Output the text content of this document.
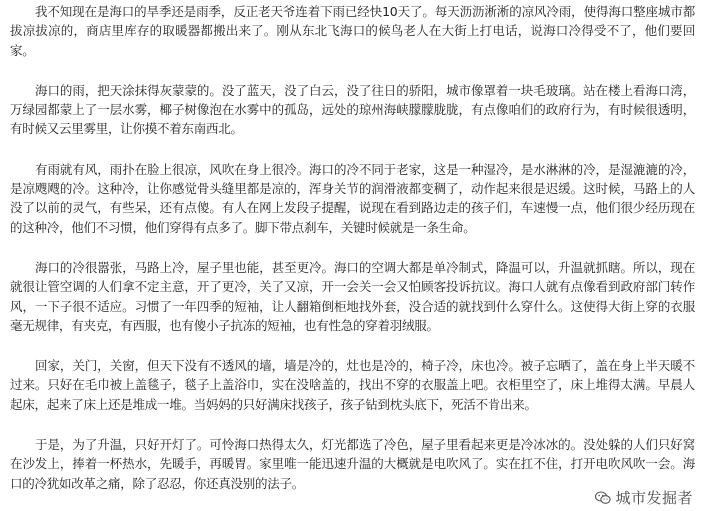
我不知现在是海口的旱季还是雨季，反正老天爷连着下雨已经快10天了。每天沥沥淅淅的凉风冷雨，使得海口整座城市都拔凉拔凉的，商店里库存的取暖器都搬出来了。刚从东北飞海口的候鸟老人在大街上打电话，说海口冷得受不了，他们要回家。

海口的雨，把天涂抹得灰蒙蒙的。没了蓝天，没了白云，没了往日的骄阳，城市像罩着一块毛玻璃。站在楼上看海口湾，万绿园都蒙上了一层水雾，椰子树像泡在水雾中的孤岛，远处的琼州海峡朦朦胧胧，有点像咱们的政府行为，有时候很透明，有时候又云里雾里，让你摸不着东南西北。

有雨就有风，雨扑在脸上很凉，风吹在身上很冷。海口的冷不同于老家，这是一种湿冷，是水淋淋的冷，是湿漉漉的冷，是凉飕飕的冷。这种冷，让你感觉骨头缝里都是凉的，浑身关节的润滑液都变稠了，动作起来很是迟缓。这时候，马路上的人没了以前的灵气，有些呆，还有点傻。有人在网上发段子提醒，说现在看到路边走的孩子们，车速慢一点，他们很少经历现在的这种冷，他们不习惯，他们穿得有点多了。脚下带点刹车，关键时候就是一条生命。

海口的冷很嚣张，马路上冷，屋子里也能，甚至更冷。海口的空调大都是单冷制式，降温可以，升温就抓瞎。所以，现在就很让管空调的人们拿不定主意，开了更冷，关了又凉，开一会关一会又怕顾客投诉抗议。海口人就有点像看到政府部门转作风，一下子很不适应。习惯了一年四季的短袖，让人翻箱倒柜地找外套，没合适的就找到什么穿什么。这使得大街上穿的衣服毫无规律，有夹克，有西服，也有傻小子抗冻的短袖，也有性急的穿着羽绒服。

回家，关门，关窗，但天下没有不透风的墙，墙是冷的，灶也是冷的，椅子冷，床也冷。被子忘晒了，盖在身上半天暖不过来。只好在毛巾被上盖毯子，毯子上盖浴巾，实在没啥盖的，找出不穿的衣服盖上吧。衣柜里空了，床上堆得太满。早晨人起床，起来了床上还是堆成一堆。当妈妈的只好满床找孩子，孩子钻到枕头底下，死活不肯出来。

于是，为了升温，只好开灯了。可怜海口热得太久，灯光都选了冷色，屋子里看起来更是冷冰冰的。没处躲的人们只好窝在沙发上，捧着一杯热水，先暖手，再暖胃。家里唯一能迅速升温的大概就是电吹风了。实在扛不住，打开电吹风吹一会。海口的冷犹如改革之痛，除了忍忍，你还真没别的法子。

城市发掘者
